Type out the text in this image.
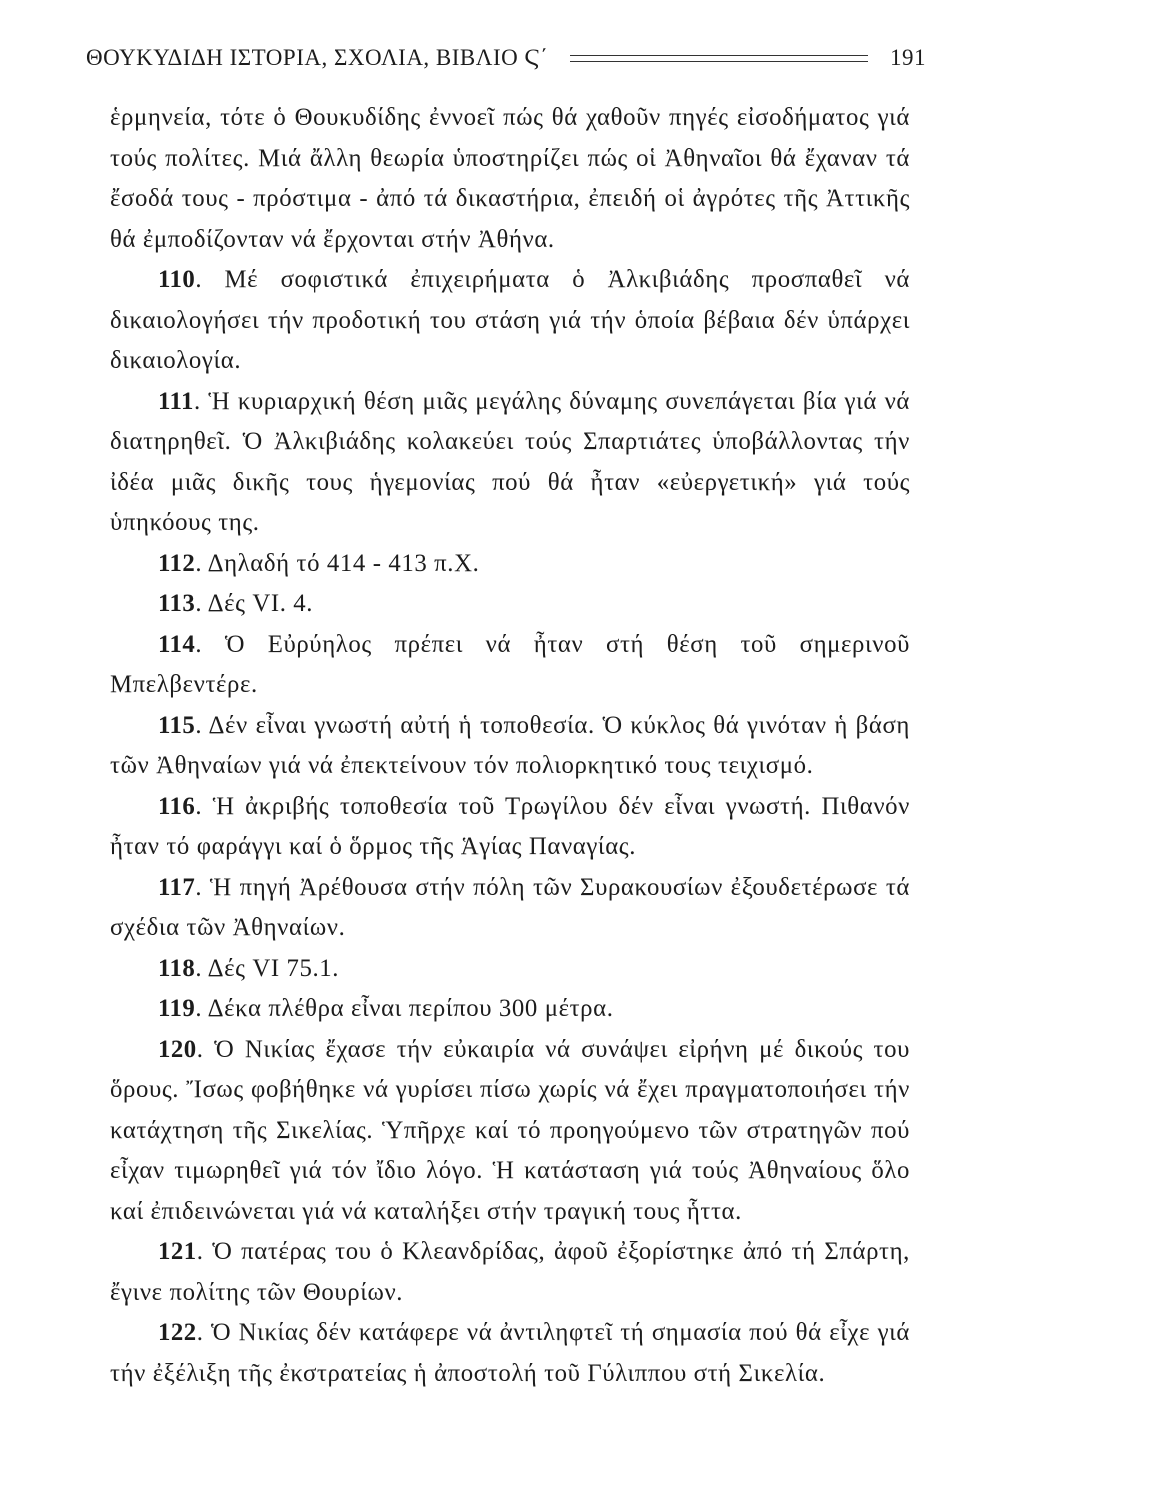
ΘΟΥΚΥΔΙΔΗ ΙΣΤΟΡΙΑ, ΣΧΟΛΙΑ, ΒΙΒΛΙΟ Ϛ΄	191

ἑρμηνεία, τότε ὁ Θουκυδίδης ἐννοεῖ πώς θά χαθοῦν πηγές εἰσοδήματος γιά τούς πολίτες. Μιά ἄλλη θεωρία ὑποστηρίζει πώς οἱ Ἀθηναῖοι θά ἔχαναν τά ἔσοδά τους - πρόστιμα - ἀπό τά δικαστήρια, ἐπειδή οἱ ἀγρότες τῆς Ἀττικῆς θά ἐμποδίζονταν νά ἔρχονται στήν Ἀθήνα.

110. Μέ σοφιστικά ἐπιχειρήματα ὁ Ἀλκιβιάδης προσπαθεῖ νά δικαιολογήσει τήν προδοτική του στάση γιά τήν ὁποία βέβαια δέν ὑπάρχει δικαιολογία.

111. Ἡ κυριαρχική θέση μιᾶς μεγάλης δύναμης συνεπάγεται βία γιά νά διατηρηθεῖ. Ὁ Ἀλκιβιάδης κολακεύει τούς Σπαρτιάτες ὑποβάλλοντας τήν ἰδέα μιᾶς δικῆς τους ἡγεμονίας πού θά ἦταν «εὐεργετική» γιά τούς ὑπηκόους της.

112. Δηλαδή τό 414 - 413 π.Χ.

113. Δές VI. 4.

114. Ὁ Εὐρύηλος πρέπει νά ἦταν στή θέση τοῦ σημερινοῦ Μπελβεντέρε.

115. Δέν εἶναι γνωστή αὐτή ἡ τοποθεσία. Ὁ κύκλος θά γινόταν ἡ βάση τῶν Ἀθηναίων γιά νά ἐπεκτείνουν τόν πολιορκητικό τους τειχισμό.

116. Ἡ ἀκριβής τοποθεσία τοῦ Τρωγίλου δέν εἶναι γνωστή. Πιθανόν ἦταν τό φαράγγι καί ὁ ὅρμος τῆς Ἁγίας Παναγίας.

117. Ἡ πηγή Ἀρέθουσα στήν πόλη τῶν Συρακουσίων ἐξουδετέρωσε τά σχέδια τῶν Ἀθηναίων.

118. Δές VI 75.1.

119. Δέκα πλέθρα εἶναι περίπου 300 μέτρα.

120. Ὁ Νικίας ἔχασε τήν εὐκαιρία νά συνάψει εἰρήνη μέ δικούς του ὅρους. Ἴσως φοβήθηκε νά γυρίσει πίσω χωρίς νά ἔχει πραγματοποιήσει τήν κατάχτηση τῆς Σικελίας. Ὑπῆρχε καί τό προηγούμενο τῶν στρατηγῶν πού εἶχαν τιμωρηθεῖ γιά τόν ἴδιο λόγο. Ἡ κατάσταση γιά τούς Ἀθηναίους ὅλο καί ἐπιδεινώνεται γιά νά καταλήξει στήν τραγική τους ἧττα.

121. Ὁ πατέρας του ὁ Κλεανδρίδας, ἀφοῦ ἐξορίστηκε ἀπό τή Σπάρτη, ἔγινε πολίτης τῶν Θουρίων.

122. Ὁ Νικίας δέν κατάφερε νά ἀντιληφτεῖ τή σημασία πού θά εἶχε γιά τήν ἐξέλιξη τῆς ἐκστρατείας ἡ ἀποστολή τοῦ Γύλιππου στή Σικελία.
